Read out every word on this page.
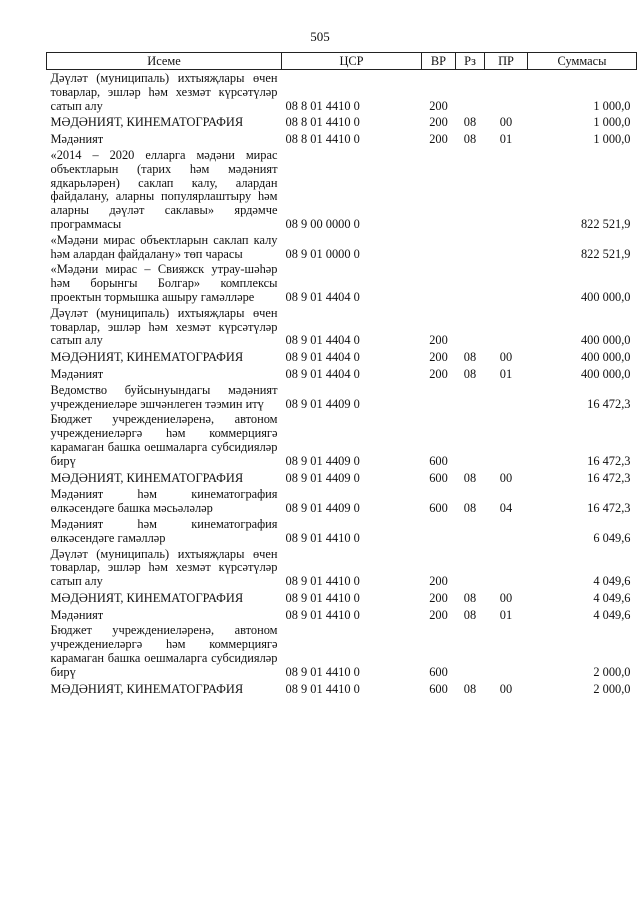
505
Исеме	ЦСР	ВР	Рз	ПР	Суммасы
Дәүләт (муниципаль) ихтыяҗлары өчен товарлар, эшләр һәм хезмәт күрсәтүләр сатып алу	08 8 01 4410 0	200			1 000,0
МӘДӘНИЯТ, КИНЕМАТОГРАФИЯ	08 8 01 4410 0	200	08	00	1 000,0
Мәдәният	08 8 01 4410 0	200	08	01	1 000,0
«2014 – 2020 елларга мәдәни мирас объектларын (тарих һәм мәдәният ядкарьләрен) саклап калу, алардан файдалану, аларны популярлаштыру һәм аларны дәүләт саклавы» ярдәмче программасы	08 9 00 0000 0				822 521,9
«Мәдәни мирас объектларын саклап калу һәм алардан файдалану» төп чарасы	08 9 01 0000 0				822 521,9
«Мәдәни мирас – Свияжск утрау-шәһәр һәм борынгы Болгар» комплексы проектын тормышка ашыру гамәлләре	08 9 01 4404 0				400 000,0
Дәүләт (муниципаль) ихтыяҗлары өчен товарлар, эшләр һәм хезмәт күрсәтүләр сатып алу	08 9 01 4404 0	200			400 000,0
МӘДӘНИЯТ, КИНЕМАТОГРАФИЯ	08 9 01 4404 0	200	08	00	400 000,0
Мәдәният	08 9 01 4404 0	200	08	01	400 000,0
Ведомство буйсынуындагы мәдәният учреждениеләре эшчәнлеген тәэмин итү	08 9 01 4409 0				16 472,3
Бюджет учреждениеләренә, автоном учреждениеләргә һәм коммерциягә карамаган башка оешмаларга субсидияләр бирү	08 9 01 4409 0	600			16 472,3
МӘДӘНИЯТ, КИНЕМАТОГРАФИЯ	08 9 01 4409 0	600	08	00	16 472,3
Мәдәният һәм кинематография өлкәсендәге башка мәсьәләләр	08 9 01 4409 0	600	08	04	16 472,3
Мәдәният һәм кинематография өлкәсендәге гамәлләр	08 9 01 4410 0				6 049,6
Дәүләт (муниципаль) ихтыяҗлары өчен товарлар, эшләр һәм хезмәт күрсәтүләр сатып алу	08 9 01 4410 0	200			4 049,6
МӘДӘНИЯТ, КИНЕМАТОГРАФИЯ	08 9 01 4410 0	200	08	00	4 049,6
Мәдәният	08 9 01 4410 0	200	08	01	4 049,6
Бюджет учреждениеләренә, автоном учреждениеләргә һәм коммерциягә карамаган башка оешмаларга субсидияләр бирү	08 9 01 4410 0	600			2 000,0
МӘДӘНИЯТ, КИНЕМАТОГРАФИЯ	08 9 01 4410 0	600	08	00	2 000,0
